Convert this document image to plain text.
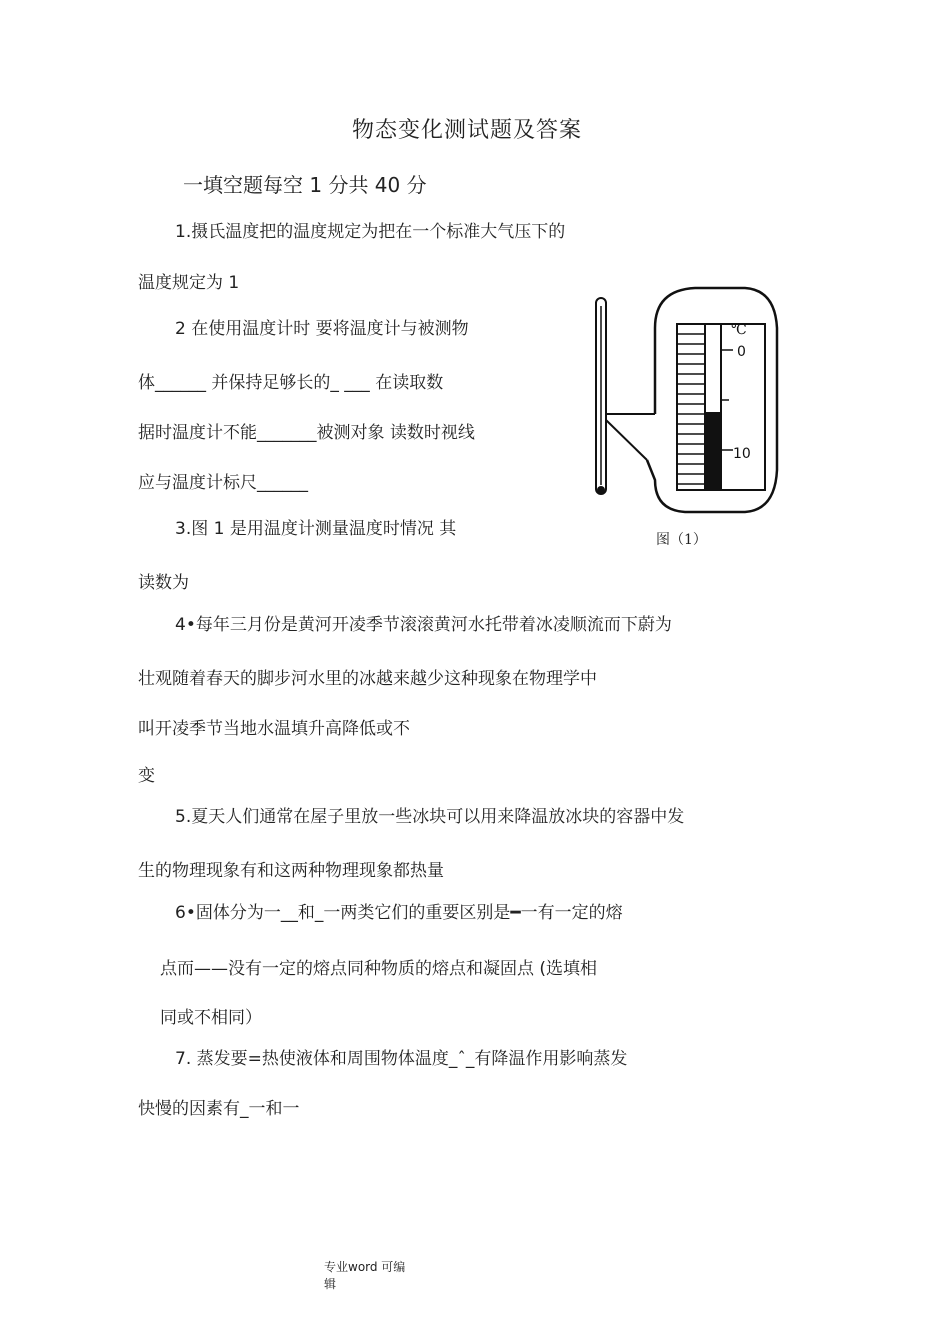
物态变化测试题及答案
一填空题每空 1 分共 40 分
1.摄氏温度把的温度规定为把在一个标准大气压下的
温度规定为 1
2 在使用温度计时 要将温度计与被测物
体______ 并保持足够长的_ ___ 在读取数
据时温度计不能_______被测对象 读数时视线
应与温度计标尺______
3.图 1 是用温度计测量温度时情况 其
读数为
4•每年三月份是黄河开凌季节滚滚黄河水托带着冰凌顺流而下蔚为
壮观随着春天的脚步河水里的冰越来越少这种现象在物理学中
叫开凌季节当地水温填升高降低或不
变
5.夏天人们通常在屋子里放一些冰块可以用来降温放冰块的容器中发
生的物理现象有和这两种物理现象都热量
6•固体分为一__和_一两类它们的重要区别是━一有一定的熔
点而——没有一定的熔点同种物质的熔点和凝固点 (选填相
同或不相同）
7. 蒸发要=热使液体和周围物体温度_ˆ_有降温作用影响蒸发
快慢的因素有_一和一
℃
0
10
图（1）
专业word 可编
辑
